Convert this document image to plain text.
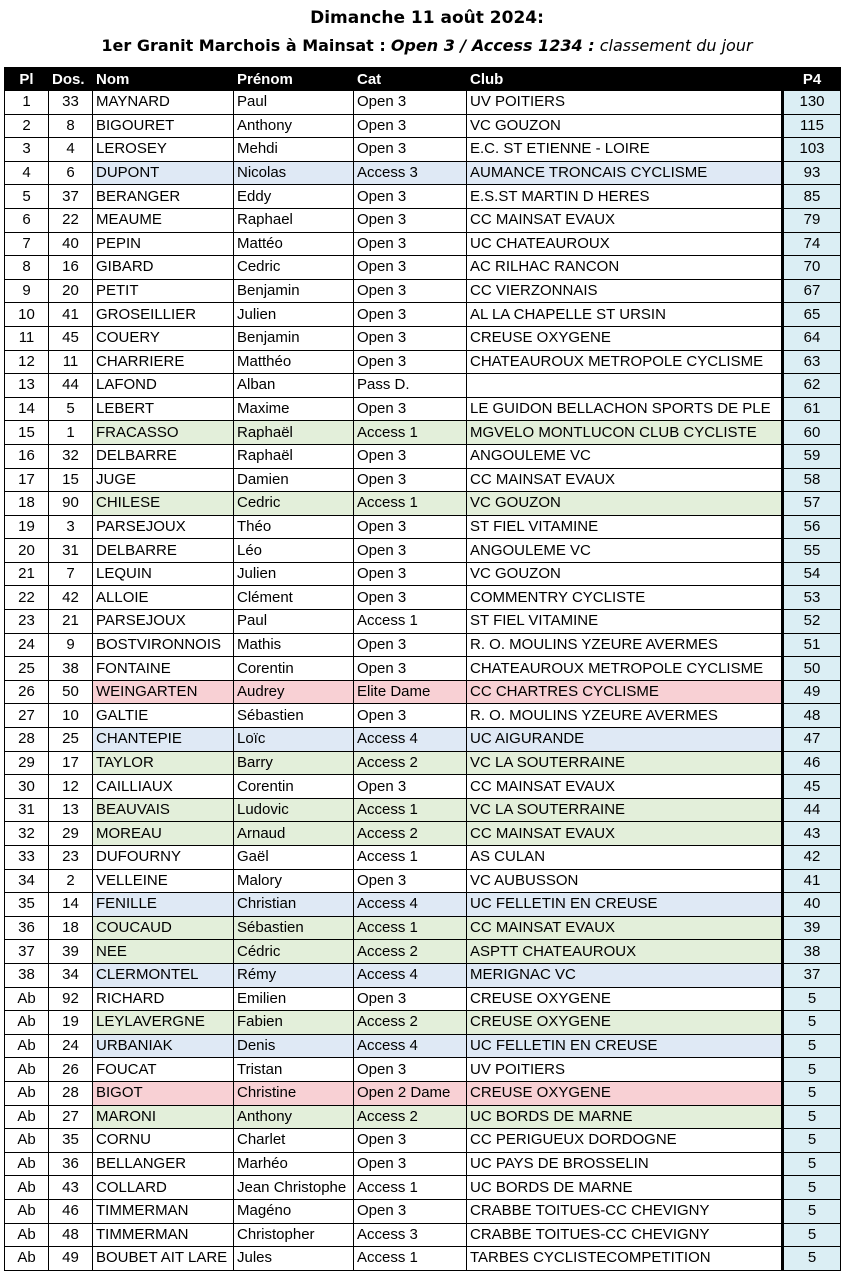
Dimanche 11 août 2024:
1er Granit Marchois à Mainsat : Open 3 / Access 1234 : classement du jour
Pl	Dos.	Nom	Prénom	Cat	Club	P4
1	33	MAYNARD	Paul	Open 3	UV POITIERS	130
2	8	BIGOURET	Anthony	Open 3	VC GOUZON	115
3	4	LEROSEY	Mehdi	Open 3	E.C. ST ETIENNE - LOIRE	103
4	6	DUPONT	Nicolas	Access 3	AUMANCE TRONCAIS CYCLISME	93
5	37	BERANGER	Eddy	Open 3	E.S.ST MARTIN D HERES	85
6	22	MEAUME	Raphael	Open 3	CC MAINSAT EVAUX	79
7	40	PEPIN	Mattéo	Open 3	UC CHATEAUROUX	74
8	16	GIBARD	Cedric	Open 3	AC RILHAC RANCON	70
9	20	PETIT	Benjamin	Open 3	CC VIERZONNAIS	67
10	41	GROSEILLIER	Julien	Open 3	AL LA CHAPELLE ST URSIN	65
11	45	COUERY	Benjamin	Open 3	CREUSE OXYGENE	64
12	11	CHARRIERE	Matthéo	Open 3	CHATEAUROUX METROPOLE CYCLISME	63
13	44	LAFOND	Alban	Pass D.		62
14	5	LEBERT	Maxime	Open 3	LE GUIDON BELLACHON SPORTS DE PLE	61
15	1	FRACASSO	Raphaël	Access 1	MGVELO MONTLUCON CLUB CYCLISTE	60
16	32	DELBARRE	Raphaël	Open 3	ANGOULEME VC	59
17	15	JUGE	Damien	Open 3	CC MAINSAT EVAUX	58
18	90	CHILESE	Cedric	Access 1	VC GOUZON	57
19	3	PARSEJOUX	Théo	Open 3	ST FIEL VITAMINE	56
20	31	DELBARRE	Léo	Open 3	ANGOULEME VC	55
21	7	LEQUIN	Julien	Open 3	VC GOUZON	54
22	42	ALLOIE	Clément	Open 3	COMMENTRY CYCLISTE	53
23	21	PARSEJOUX	Paul	Access 1	ST FIEL VITAMINE	52
24	9	BOSTVIRONNOIS	Mathis	Open 3	R. O. MOULINS YZEURE AVERMES	51
25	38	FONTAINE	Corentin	Open 3	CHATEAUROUX METROPOLE CYCLISME	50
26	50	WEINGARTEN	Audrey	Elite Dame	CC CHARTRES CYCLISME	49
27	10	GALTIE	Sébastien	Open 3	R. O. MOULINS YZEURE AVERMES	48
28	25	CHANTEPIE	Loïc	Access 4	UC AIGURANDE	47
29	17	TAYLOR	Barry	Access 2	VC LA SOUTERRAINE	46
30	12	CAILLIAUX	Corentin	Open 3	CC MAINSAT EVAUX	45
31	13	BEAUVAIS	Ludovic	Access 1	VC LA SOUTERRAINE	44
32	29	MOREAU	Arnaud	Access 2	CC MAINSAT EVAUX	43
33	23	DUFOURNY	Gaël	Access 1	AS CULAN	42
34	2	VELLEINE	Malory	Open 3	VC AUBUSSON	41
35	14	FENILLE	Christian	Access 4	UC FELLETIN EN CREUSE	40
36	18	COUCAUD	Sébastien	Access 1	CC MAINSAT EVAUX	39
37	39	NEE	Cédric	Access 2	ASPTT CHATEAUROUX	38
38	34	CLERMONTEL	Rémy	Access 4	MERIGNAC VC	37
Ab	92	RICHARD	Emilien	Open 3	CREUSE OXYGENE	5
Ab	19	LEYLAVERGNE	Fabien	Access 2	CREUSE OXYGENE	5
Ab	24	URBANIAK	Denis	Access 4	UC FELLETIN EN CREUSE	5
Ab	26	FOUCAT	Tristan	Open 3	UV POITIERS	5
Ab	28	BIGOT	Christine	Open 2 Dame	CREUSE OXYGENE	5
Ab	27	MARONI	Anthony	Access 2	UC BORDS DE MARNE	5
Ab	35	CORNU	Charlet	Open 3	CC PERIGUEUX DORDOGNE	5
Ab	36	BELLANGER	Marhéo	Open 3	UC PAYS DE BROSSELIN	5
Ab	43	COLLARD	Jean Christophe	Access 1	UC BORDS DE MARNE	5
Ab	46	TIMMERMAN	Magéno	Open 3	CRABBE TOITUES-CC CHEVIGNY	5
Ab	48	TIMMERMAN	Christopher	Access 3	CRABBE TOITUES-CC CHEVIGNY	5
Ab	49	BOUBET AIT LARE	Jules	Access 1	TARBES CYCLISTECOMPETITION	5
